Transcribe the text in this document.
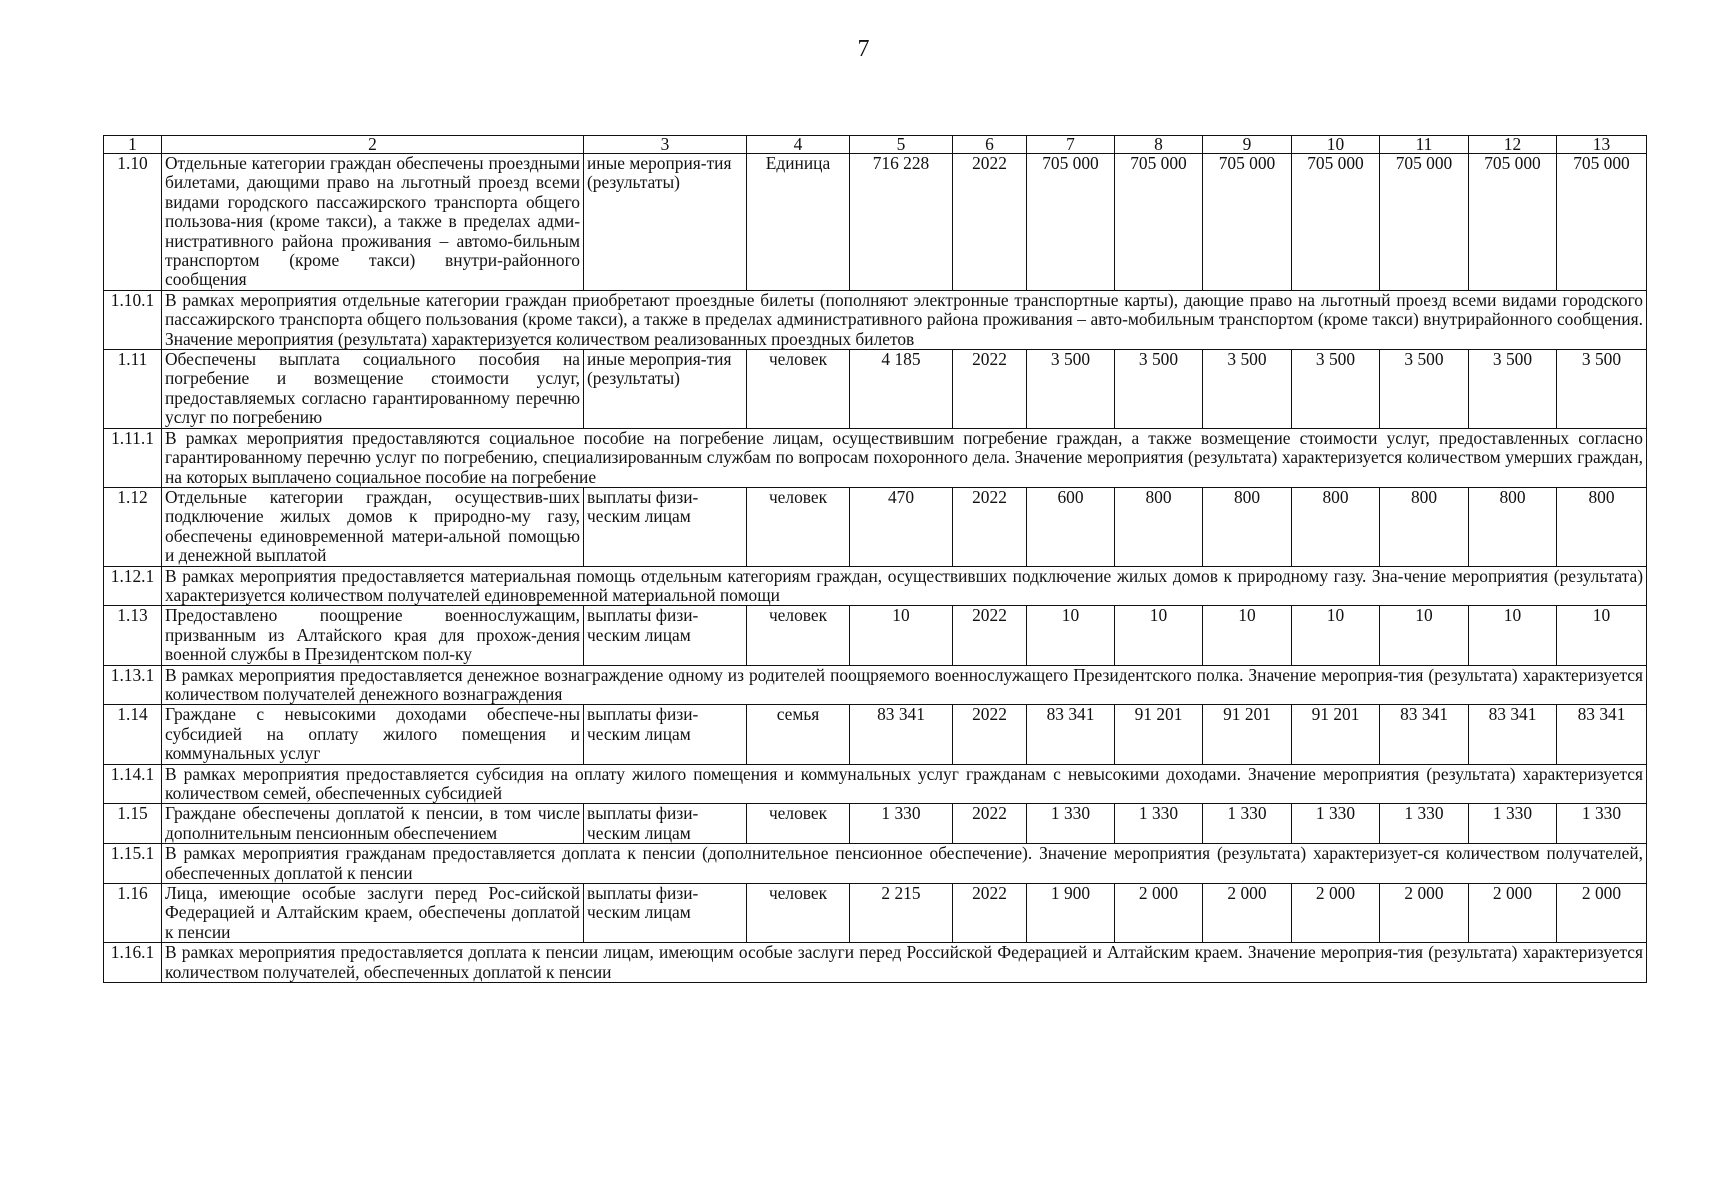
7
1	2	3	4	5	6	7	8	9	10	11	12	13
1.10	Отдельные категории граждан обеспечены проездными билетами, дающими право на льготный проезд всеми видами городского пассажирского транспорта общего пользова-ния (кроме такси), а также в пределах адми-нистративного района проживания – автомо-бильным транспортом (кроме такси) внутри-районного сообщения	иные мероприя-тия (результаты)	Единица	716 228	2022	705 000	705 000	705 000	705 000	705 000	705 000	705 000
1.10.1	В рамках мероприятия отдельные категории граждан приобретают проездные билеты (пополняют электронные транспортные карты), дающие право на льготный проезд всеми видами городского пассажирского транспорта общего пользования (кроме такси), а также в пределах административного района проживания – авто-мобильным транспортом (кроме такси) внутрирайонного сообщения. Значение мероприятия (результата) характеризуется количеством реализованных проездных билетов											
1.11	Обеспечены выплата социального пособия на погребение и возмещение стоимости услуг, предоставляемых согласно гарантированному перечню услуг по погребению	иные мероприя-тия (результаты)	человек	4 185	2022	3 500	3 500	3 500	3 500	3 500	3 500	3 500
1.11.1	В рамках мероприятия предоставляются социальное пособие на погребение лицам, осуществившим погребение граждан, а также возмещение стоимости услуг, предоставленных согласно гарантированному перечню услуг по погребению, специализированным службам по вопросам похоронного дела. Значение мероприятия (результата) характеризуется количеством умерших граждан, на которых выплачено социальное пособие на погребение											
1.12	Отдельные категории граждан, осуществив-ших подключение жилых домов к природно-му газу, обеспечены единовременной матери-альной помощью и денежной выплатой	выплаты физи-ческим лицам	человек	470	2022	600	800	800	800	800	800	800
1.12.1	В рамках мероприятия предоставляется материальная помощь отдельным категориям граждан, осуществивших подключение жилых домов к природному газу. Зна-чение мероприятия (результата) характеризуется количеством получателей единовременной материальной помощи											
1.13	Предоставлено поощрение военнослужащим, призванным из Алтайского края для прохож-дения военной службы в Президентском пол-ку	выплаты физи-ческим лицам	человек	10	2022	10	10	10	10	10	10	10
1.13.1	В рамках мероприятия предоставляется денежное вознаграждение одному из родителей поощряемого военнослужащего Президентского полка. Значение мероприя-тия (результата) характеризуется количеством получателей денежного вознаграждения											
1.14	Граждане с невысокими доходами обеспече-ны субсидией на оплату жилого помещения и коммунальных услуг	выплаты физи-ческим лицам	семья	83 341	2022	83 341	91 201	91 201	91 201	83 341	83 341	83 341
1.14.1	В рамках мероприятия предоставляется субсидия на оплату жилого помещения и коммунальных услуг гражданам с невысокими доходами. Значение мероприятия (результата) характеризуется количеством семей, обеспеченных субсидией											
1.15	Граждане обеспечены доплатой к пенсии, в том числе дополнительным пенсионным обеспечением	выплаты физи-ческим лицам	человек	1 330	2022	1 330	1 330	1 330	1 330	1 330	1 330	1 330
1.15.1	В рамках мероприятия гражданам предоставляется доплата к пенсии (дополнительное пенсионное обеспечение). Значение мероприятия (результата) характеризует-ся количеством получателей, обеспеченных доплатой к пенсии											
1.16	Лица, имеющие особые заслуги перед Рос-сийской Федерацией и Алтайским краем, обеспечены доплатой к пенсии	выплаты физи-ческим лицам	человек	2 215	2022	1 900	2 000	2 000	2 000	2 000	2 000	2 000
1.16.1	В рамках мероприятия предоставляется доплата к пенсии лицам, имеющим особые заслуги перед Российской Федерацией и Алтайским краем. Значение мероприя-тия (результата) характеризуется количеством получателей, обеспеченных доплатой к пенсии											
